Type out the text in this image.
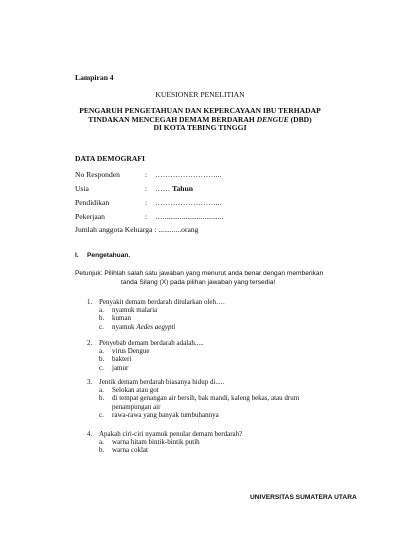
Lampiran 4
KUESIONER PENELITIAN
PENGARUH PENGETAHUAN DAN KEPERCAYAAN IBU TERHADAP
TINDAKAN MENCEGAH DEMAM BERDARAH DENGUE (DBD)
DI KOTA TEBING TINGGI
DATA DEMOGRAFI
No Responden	: ……………………...
Usia	: …… Tahun
Pendidikan	: ……………………...
Pekerjaan	: …................................
Jumlah anggota Keluarga : ............orang
I. Pengetahuan.
Petunjuk: Pilihlah salah satu jawaban yang menurut anda benar dengan memberikan
tanda Silang (X) pada pilihan jawaban yang tersedia!
1. Penyakit demam berdarah ditularkan oleh….
a. nyamuk malaria
b. kuman
c. nyamuk Aedes aegypti
2. Penyebab demam berdarah adalah.....
a. virus Dengue
b. bakteri
c. jamur
3. Jentik demam berdarah biasanya hidup di.....
a. Selokan atau got
b. di tempat genangan air bersih, bak mandi, kaleng bekas, atau drum
penampungan air
c. rawa-rawa yang banyak tumbuhannya
4. Apakah ciri-ciri nyamuk penular demam berdarah?
a. warna hitam bintik-bintik putih
b. warna coklat
UNIVERSITAS SUMATERA UTARA
